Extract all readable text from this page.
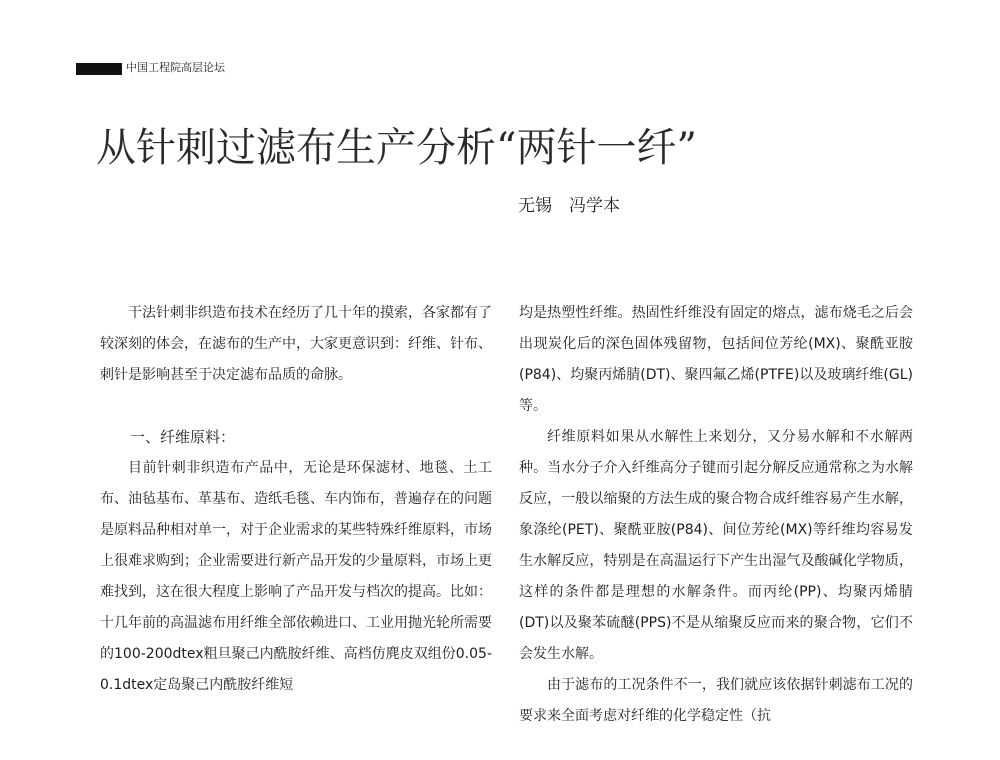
中国工程院高层论坛
从针刺过滤布生产分析“两针一纤”
无锡　冯学本

干法针刺非织造布技术在经历了几十年的摸索，各家都有了较深刻的体会，在滤布的生产中，大家更意识到：纤维、针布、刺针是影响甚至于决定滤布品质的命脉。

一、纤维原料：

目前针刺非织造布产品中，无论是环保滤材、地毯、土工布、油毡基布、革基布、造纸毛毯、车内饰布，普遍存在的问题是原料品种相对单一，对于企业需求的某些特殊纤维原料，市场上很难求购到；企业需要进行新产品开发的少量原料，市场上更难找到，这在很大程度上影响了产品开发与档次的提高。比如：十几年前的高温滤布用纤维全部依赖进口、工业用抛光轮所需要的100-200dtex粗旦聚己内酰胺纤维、高档仿麂皮双组份0.05-0.1dtex定岛聚己内酰胺纤维短

均是热塑性纤维。热固性纤维没有固定的熔点，滤布烧毛之后会出现炭化后的深色固体残留物，包括间位芳纶(MX)、聚酰亚胺(P84)、均聚丙烯腈(DT)、聚四氟乙烯(PTFE)以及玻璃纤维(GL)等。

纤维原料如果从水解性上来划分，又分易水解和不水解两种。当水分子介入纤维高分子键而引起分解反应通常称之为水解反应，一般以缩聚的方法生成的聚合物合成纤维容易产生水解，象涤纶(PET)、聚酰亚胺(P84)、间位芳纶(MX)等纤维均容易发生水解反应，特别是在高温运行下产生出湿气及酸碱化学物质，这样的条件都是理想的水解条件。而丙纶(PP)、均聚丙烯腈(DT)以及聚苯硫醚(PPS)不是从缩聚反应而来的聚合物，它们不会发生水解。

由于滤布的工况条件不一，我们就应该依据针刺滤布工况的要求来全面考虑对纤维的化学稳定性（抗
